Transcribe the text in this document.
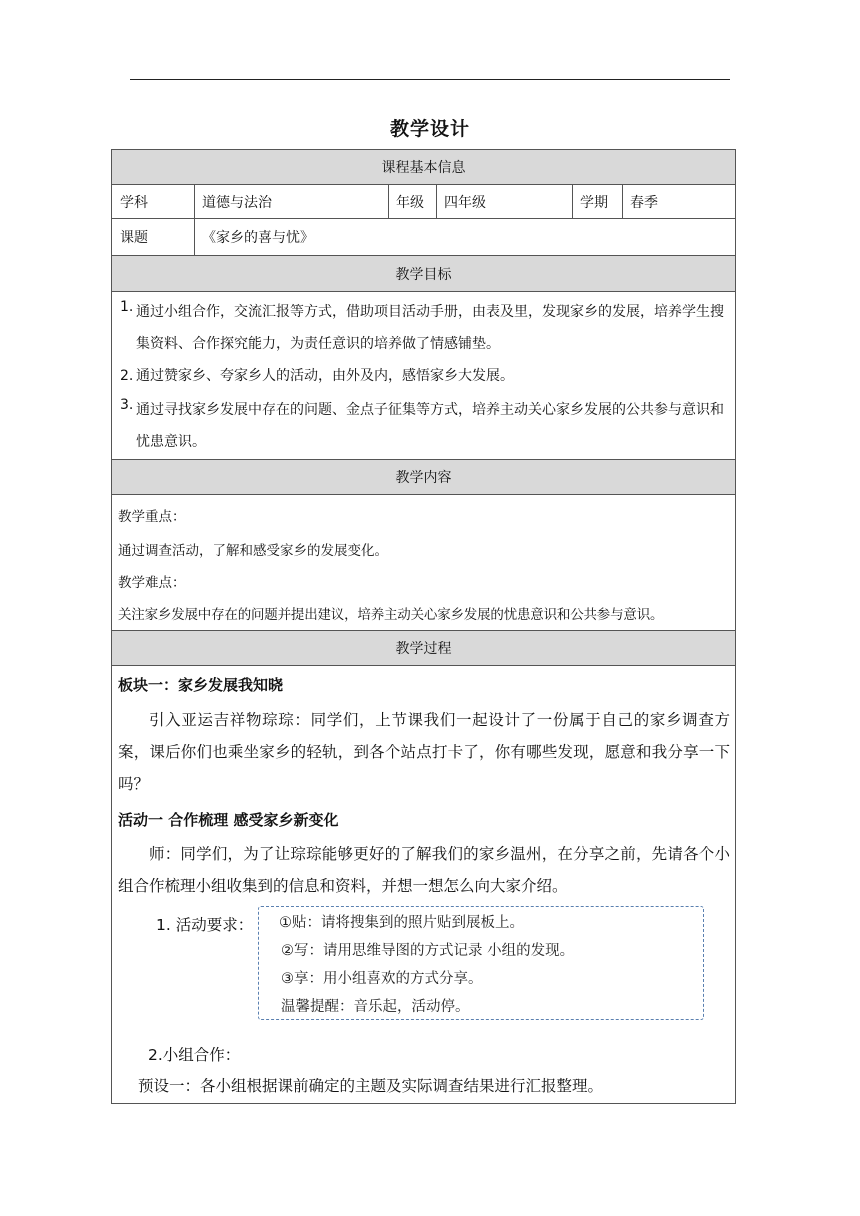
教学设计
课程基本信息
学科	道德与法治	年级	四年级	学期	春季
课题	《家乡的喜与忧》
教学目标
1. 通过小组合作，交流汇报等方式，借助项目活动手册，由表及里，发现家乡的发展，培养学生搜集资料、合作探究能力，为责任意识的培养做了情感铺垫。
2. 通过赞家乡、夸家乡人的活动，由外及内，感悟家乡大发展。
3. 通过寻找家乡发展中存在的问题、金点子征集等方式，培养主动关心家乡发展的公共参与意识和忧患意识。
教学内容
教学重点：
通过调查活动，了解和感受家乡的发展变化。
教学难点：
关注家乡发展中存在的问题并提出建议，培养主动关心家乡发展的忧患意识和公共参与意识。
教学过程
板块一：家乡发展我知晓
引入亚运吉祥物琮琮：同学们，上节课我们一起设计了一份属于自己的家乡调查方案，课后你们也乘坐家乡的轻轨，到各个站点打卡了，你有哪些发现，愿意和我分享一下吗？
活动一 合作梳理 感受家乡新变化
师：同学们，为了让琮琮能够更好的了解我们的家乡温州，在分享之前，先请各个小组合作梳理小组收集到的信息和资料，并想一想怎么向大家介绍。
1. 活动要求： ①贴：请将搜集到的照片贴到展板上。
②写：请用思维导图的方式记录 小组的发现。
③享：用小组喜欢的方式分享。
温馨提醒：音乐起，活动停。
2.小组合作：
预设一：各小组根据课前确定的主题及实际调查结果进行汇报整理。
